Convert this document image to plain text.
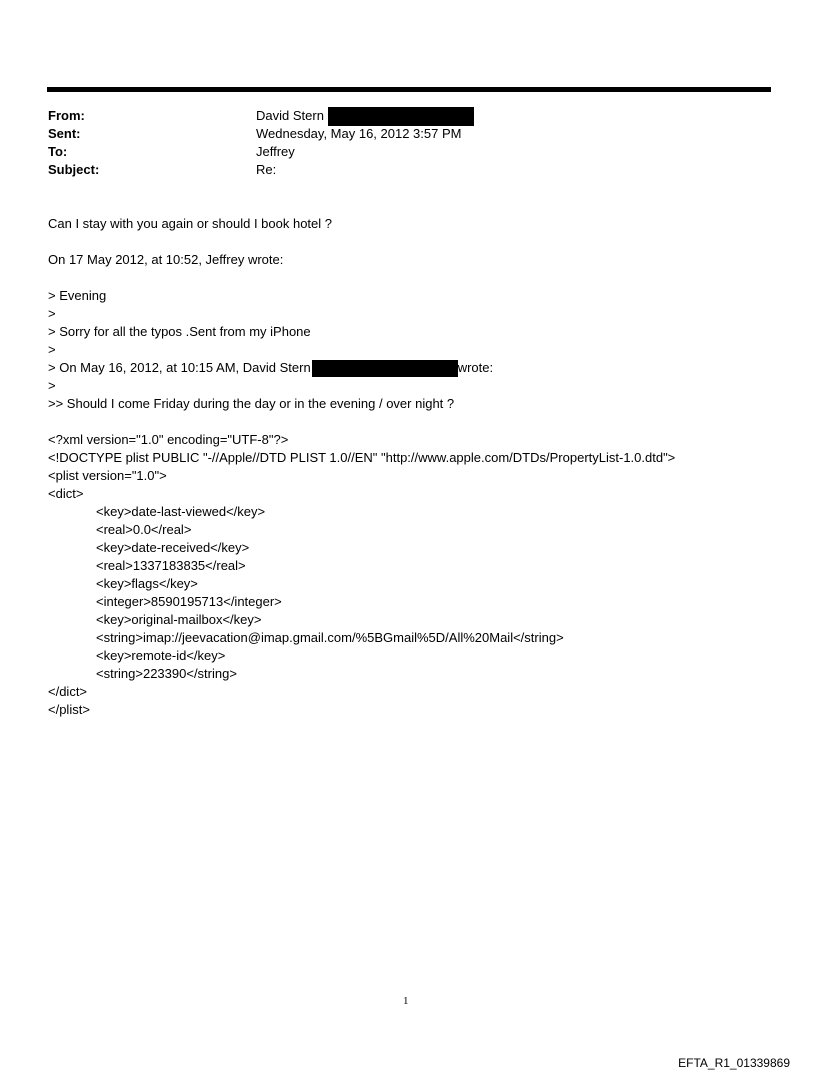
From:	David Stern
Sent:	Wednesday, May 16, 2012 3:57 PM
To:	Jeffrey
Subject:	Re:
Can I stay with you again or should I book hotel ?
On 17 May 2012, at 10:52, Jeffrey wrote:
> Evening
>
> Sorry for all the typos .Sent from my iPhone
>
> On May 16, 2012, at 10:15 AM, David Stern	wrote:
>
>> Should I come Friday during the day or in the evening / over night ?
<?xml version="1.0" encoding="UTF-8"?>
<!DOCTYPE plist PUBLIC "-//Apple//DTD PLIST 1.0//EN" "http://www.apple.com/DTDs/PropertyList-1.0.dtd">
<plist version="1.0">
<dict>
<key>date-last-viewed</key>
<real>0.0</real>
<key>date-received</key>
<real>1337183835</real>
<key>flags</key>
<integer>8590195713</integer>
<key>original-mailbox</key>
<string>imap://jeevacation@imap.gmail.com/%5BGmail%5D/All%20Mail</string>
<key>remote-id</key>
<string>223390</string>
</dict>
</plist>
1
EFTA_R1_01339869
